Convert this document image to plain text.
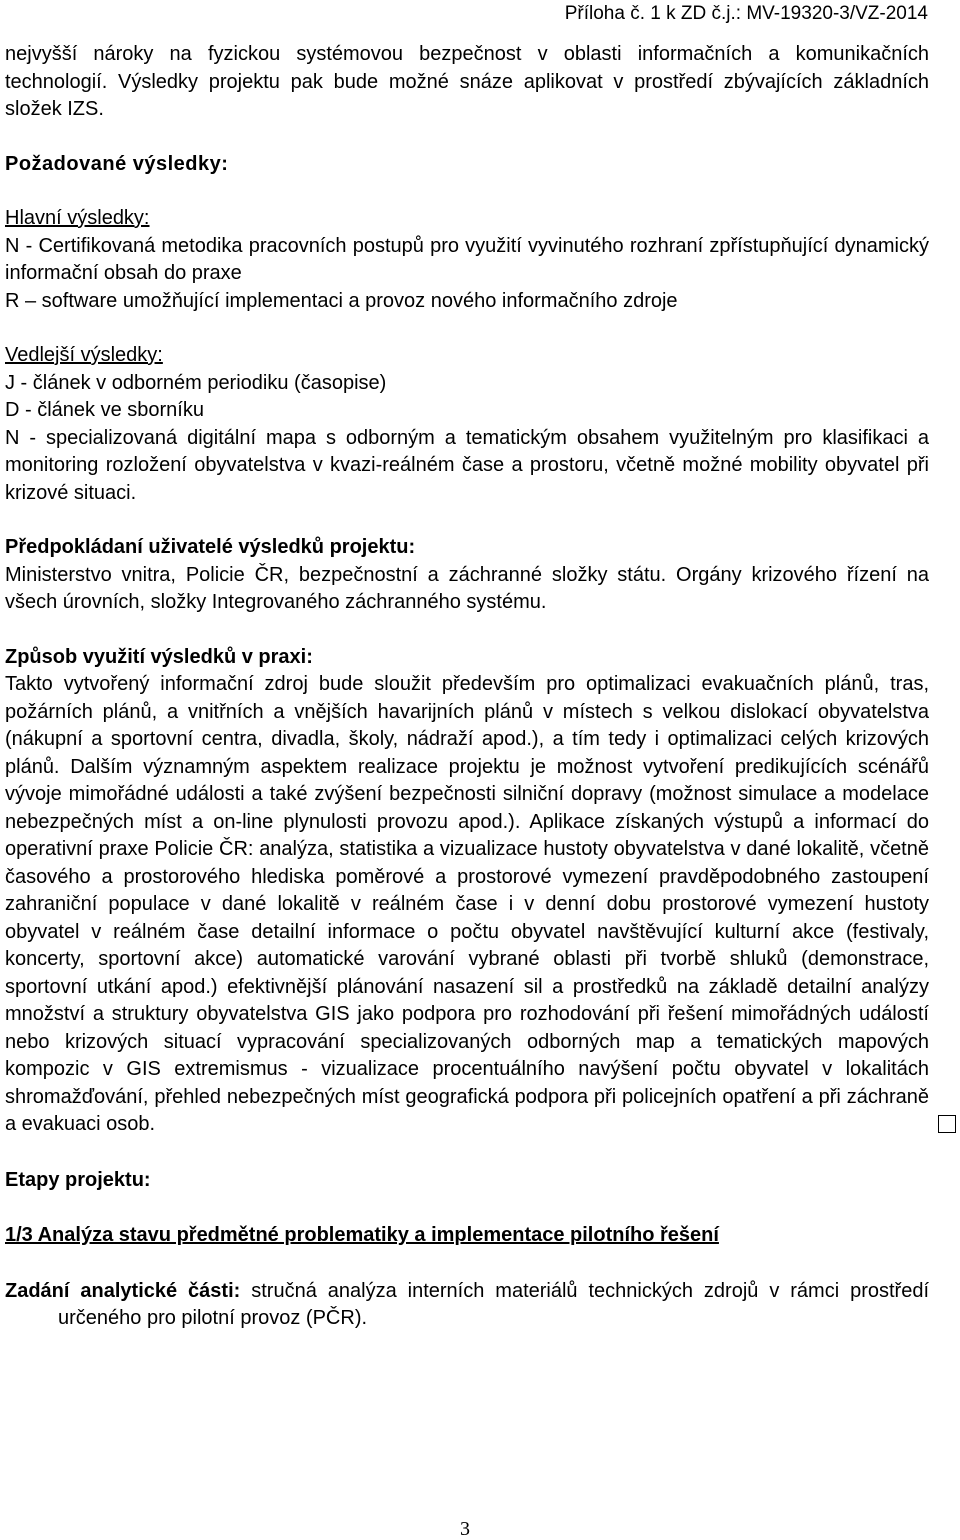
Příloha č. 1 k ZD č.j.: MV-19320-3/VZ-2014

nejvyšší nároky na fyzickou systémovou bezpečnost v oblasti informačních a komunikačních technologií. Výsledky projektu pak bude možné snáze aplikovat v prostředí zbývajících základních složek IZS.

Požadované výsledky:

Hlavní výsledky:

N - Certifikovaná metodika pracovních postupů pro využití vyvinutého rozhraní zpřístupňující dynamický informační obsah do praxe

R – software umožňující implementaci a provoz nového informačního zdroje

Vedlejší výsledky:

J - článek v odborném periodiku (časopise)

D - článek ve sborníku

N - specializovaná digitální mapa s odborným a tematickým obsahem využitelným pro klasifikaci a monitoring rozložení obyvatelstva v kvazi-reálném čase a prostoru, včetně možné mobility obyvatel při krizové situaci.

Předpokládaní uživatelé výsledků projektu:

Ministerstvo vnitra, Policie ČR, bezpečnostní a záchranné složky státu. Orgány krizového řízení na všech úrovních, složky Integrovaného záchranného systému.

Způsob využití výsledků v praxi:

Takto vytvořený informační zdroj bude sloužit především pro optimalizaci evakuačních plánů, tras, požárních plánů, a vnitřních a vnějších havarijních plánů v místech s velkou dislokací obyvatelstva (nákupní a sportovní centra, divadla, školy, nádraží apod.), a tím tedy i optimalizaci celých krizových plánů. Dalším významným aspektem realizace projektu je možnost vytvoření predikujících scénářů vývoje mimořádné události a také zvýšení bezpečnosti silniční dopravy (možnost simulace a modelace nebezpečných míst a on-line plynulosti provozu apod.). Aplikace získaných výstupů a informací do operativní praxe Policie ČR: analýza, statistika a vizualizace hustoty obyvatelstva v dané lokalitě, včetně časového a prostorového hlediska poměrové a prostorové vymezení pravděpodobného zastoupení zahraniční populace v dané lokalitě v reálném čase i v denní dobu prostorové vymezení hustoty obyvatel v reálném čase detailní informace o počtu obyvatel navštěvující kulturní akce (festivaly, koncerty, sportovní akce) automatické varování vybrané oblasti při tvorbě shluků (demonstrace, sportovní utkání apod.) efektivnější plánování nasazení sil a prostředků na základě detailní analýzy množství a struktury obyvatelstva GIS jako podpora pro rozhodování při řešení mimořádných událostí nebo krizových situací vypracování specializovaných odborných map a tematických mapových kompozic v GIS extremismus - vizualizace procentuálního navýšení počtu obyvatel v lokalitách shromažďování, přehled nebezpečných míst geografická podpora při policejních opatření a při záchraně a evakuaci osob.

Etapy projektu:

1/3 Analýza stavu předmětné problematiky a implementace pilotního řešení

Zadání analytické části: stručná analýza interních materiálů technických zdrojů v rámci prostředí určeného pro pilotní provoz (PČR).

3
